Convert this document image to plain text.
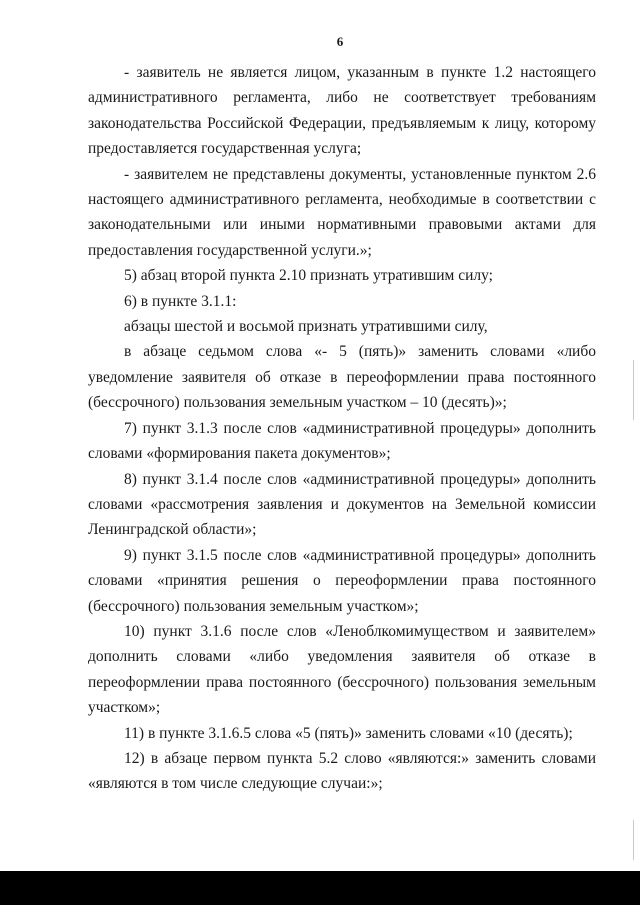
6

- заявитель не является лицом, указанным в пункте 1.2 настоящего административного регламента, либо не соответствует требованиям законодательства Российской Федерации, предъявляемым к лицу, которому предоставляется государственная услуга;

- заявителем не представлены документы, установленные пунктом 2.6 настоящего административного регламента, необходимые в соответствии с законодательными или иными нормативными правовыми актами для предоставления государственной услуги.»;

5) абзац второй пункта 2.10 признать утратившим силу;

6) в пункте 3.1.1:

абзацы шестой и восьмой признать утратившими силу,

в абзаце седьмом слова «- 5 (пять)» заменить словами «либо уведомление заявителя об отказе в переоформлении права постоянного (бессрочного) пользования земельным участком – 10 (десять)»;

7) пункт 3.1.3 после слов «административной процедуры» дополнить словами «формирования пакета документов»;

8) пункт 3.1.4 после слов «административной процедуры» дополнить словами «рассмотрения заявления и документов на Земельной комиссии Ленинградской области»;

9) пункт 3.1.5 после слов «административной процедуры» дополнить словами «принятия решения о переоформлении права постоянного (бессрочного) пользования земельным участком»;

10) пункт 3.1.6 после слов «Леноблкомимуществом и заявителем» дополнить словами «либо уведомления заявителя об отказе в переоформлении права постоянного (бессрочного) пользования земельным участком»;

11) в пункте 3.1.6.5 слова «5 (пять)» заменить словами «10 (десять);

12) в абзаце первом пункта 5.2 слово «являются:» заменить словами «являются в том числе следующие случаи:»;
